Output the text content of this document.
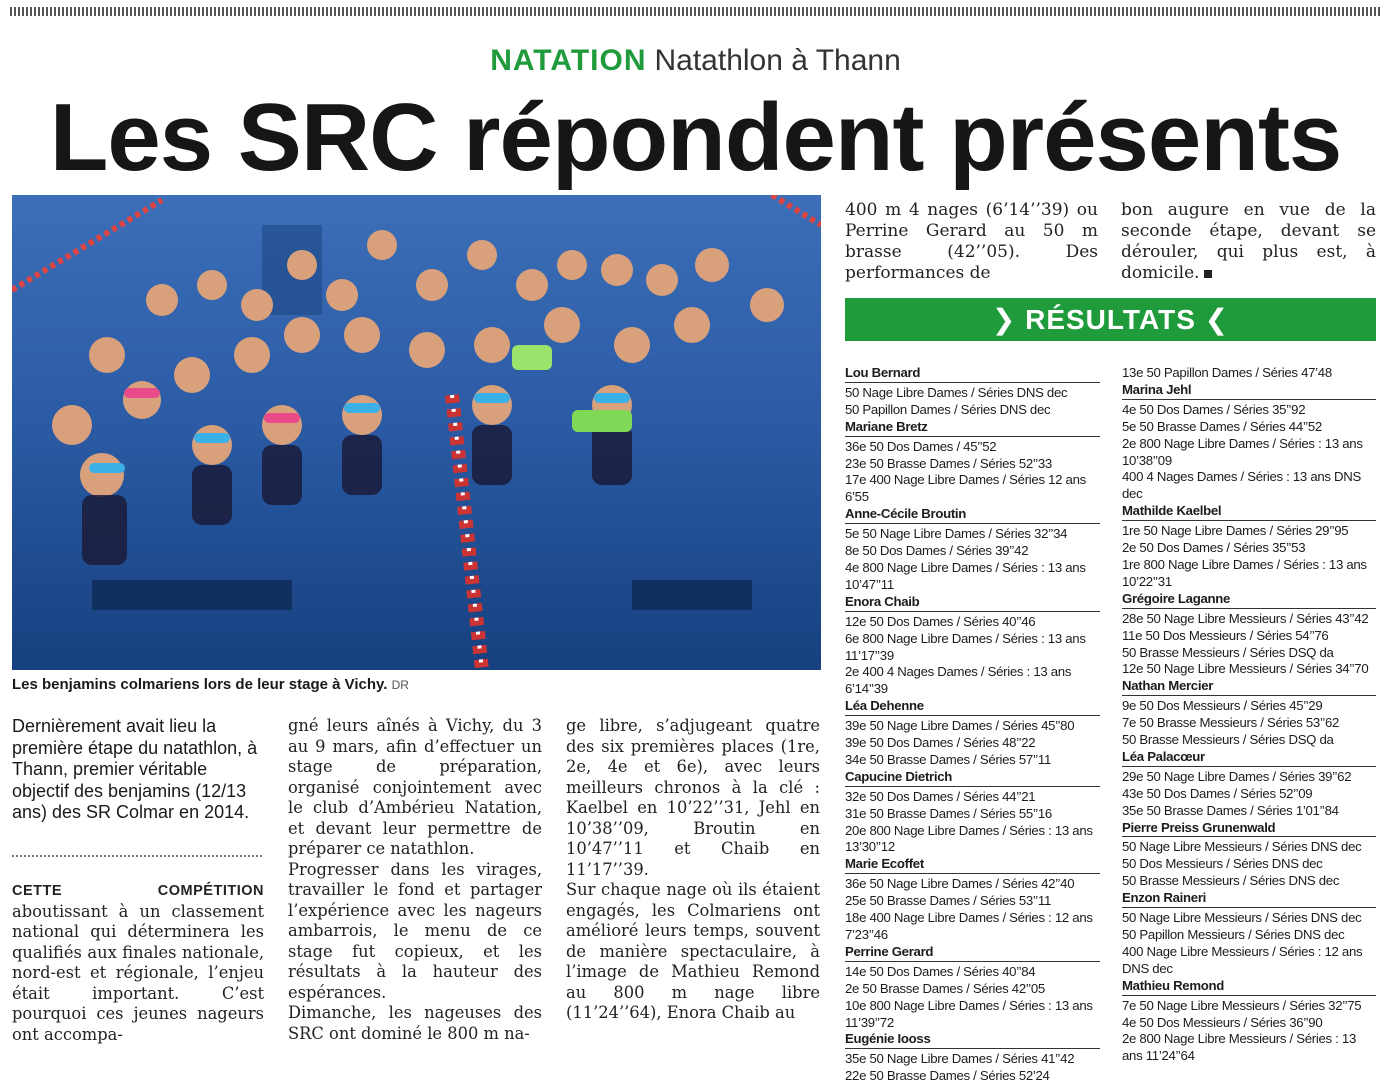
NATATION Natathlon à Thann
Les SRC répondent présents
Les benjamins colmariens lors de leur stage à Vichy. DR
Dernièrement avait lieu la première étape du natathlon, à Thann, premier véritable objectif des benjamins (12/13 ans) des SR Colmar en 2014.

CETTE COMPÉTITION aboutissant à un classement national qui déterminera les qualifiés aux finales nationale, nord-est et régionale, l’enjeu était important. C’est pourquoi ces jeunes nageurs ont accompa-

gné leurs aînés à Vichy, du 3 au 9 mars, afin d’effectuer un stage de préparation, organisé conjointement avec le club d’Ambérieu Natation, et devant leur permettre de préparer ce natathlon.

Progresser dans les virages, travailler le fond et partager l’expérience avec les nageurs ambarrois, le menu de ce stage fut copieux, et les résultats à la hauteur des espérances.

Dimanche, les nageuses des SRC ont dominé le 800 m na-

ge libre, s’adjugeant quatre des six premières places (1re, 2e, 4e et 6e), avec leurs meilleurs chronos à la clé : Kaelbel en 10’22’’31, Jehl en 10’38’’09, Broutin en 10’47’’11 et Chaib en 11’17’’39.

Sur chaque nage où ils étaient engagés, les Colmariens ont amélioré leurs temps, souvent de manière spectaculaire, à l’image de Mathieu Remond au 800 m nage libre (11’24’’64), Enora Chaib au

400 m 4 nages (6’14’’39) ou Perrine Gerard au 50 m brasse (42’’05). Des performances de

bon augure en vue de la seconde étape, devant se dérouler, qui plus est, à domicile.

❯ RÉSULTATS ❮
Lou Bernard
50 Nage Libre Dames / Séries DNS dec
50 Papillon Dames / Séries DNS dec
Mariane Bretz
36e 50 Dos Dames / 45’’52
23e 50 Brasse Dames / Séries 52’’33
17e 400 Nage Libre Dames / Séries 12 ans 6’55
Anne-Cécile Broutin
5e 50 Nage Libre Dames / Séries 32’’34
8e 50 Dos Dames / Séries 39’’42
4e 800 Nage Libre Dames / Séries : 13 ans 10’47’’11
Enora Chaib
12e 50 Dos Dames / Séries 40’’46
6e 800 Nage Libre Dames / Séries : 13 ans 11’17’’39
2e 400 4 Nages Dames / Séries : 13 ans 6’14’’39
Léa Dehenne
39e 50 Nage Libre Dames / Séries 45’’80
39e 50 Dos Dames / Séries 48’’22
34e 50 Brasse Dames / Séries 57’’11
Capucine Dietrich
32e 50 Dos Dames / Séries 44’’21
31e 50 Brasse Dames / Séries 55’’16
20e 800 Nage Libre Dames / Séries : 13 ans 13’30’’12
Marie Ecoffet
36e 50 Nage Libre Dames / Séries 42’’40
25e 50 Brasse Dames / Séries 53’’11
18e 400 Nage Libre Dames / Séries : 12 ans 7’23’’46
Perrine Gerard
14e 50 Dos Dames / Séries 40’’84
2e 50 Brasse Dames / Séries 42’’05
10e 800 Nage Libre Dames / Séries : 13 ans 11’39’’72
Eugénie Iooss
35e 50 Nage Libre Dames / Séries 41’’42
22e 50 Brasse Dames / Séries 52’24
13e 50 Papillon Dames / Séries 47’48
Marina Jehl
4e 50 Dos Dames / Séries 35’’92
5e 50 Brasse Dames / Séries 44’’52
2e 800 Nage Libre Dames / Séries : 13 ans 10’38’’09
400 4 Nages Dames / Séries : 13 ans DNS dec
Mathilde Kaelbel
1re 50 Nage Libre Dames / Séries 29’’95
2e 50 Dos Dames / Séries 35’’53
1re 800 Nage Libre Dames / Séries : 13 ans 10’22’’31
Grégoire Laganne
28e 50 Nage Libre Messieurs / Séries 43’’42
11e 50 Dos Messieurs / Séries 54’’76
50 Brasse Messieurs / Séries DSQ da
12e 50 Nage Libre Messieurs / Séries 34’’70
Nathan Mercier
9e 50 Dos Messieurs / Séries 45’’29
7e 50 Brasse Messieurs / Séries 53’’62
50 Brasse Messieurs / Séries DSQ da
Léa Palacœur
29e 50 Nage Libre Dames / Séries 39’’62
43e 50 Dos Dames / Séries 52’’09
35e 50 Brasse Dames / Séries 1’01’’84
Pierre Preiss Grunenwald
50 Nage Libre Messieurs / Séries DNS dec
50 Dos Messieurs / Séries DNS dec
50 Brasse Messieurs / Séries DNS dec
Enzon Raineri
50 Nage Libre Messieurs / Séries DNS dec
50 Papillon Messieurs / Séries DNS dec
400 Nage Libre Messieurs / Séries : 12 ans DNS dec
Mathieu Remond
7e 50 Nage Libre Messieurs / Séries 32’’75
4e 50 Dos Messieurs / Séries 36’’90
2e 800 Nage Libre Messieurs / Séries : 13 ans 11’24’’64
